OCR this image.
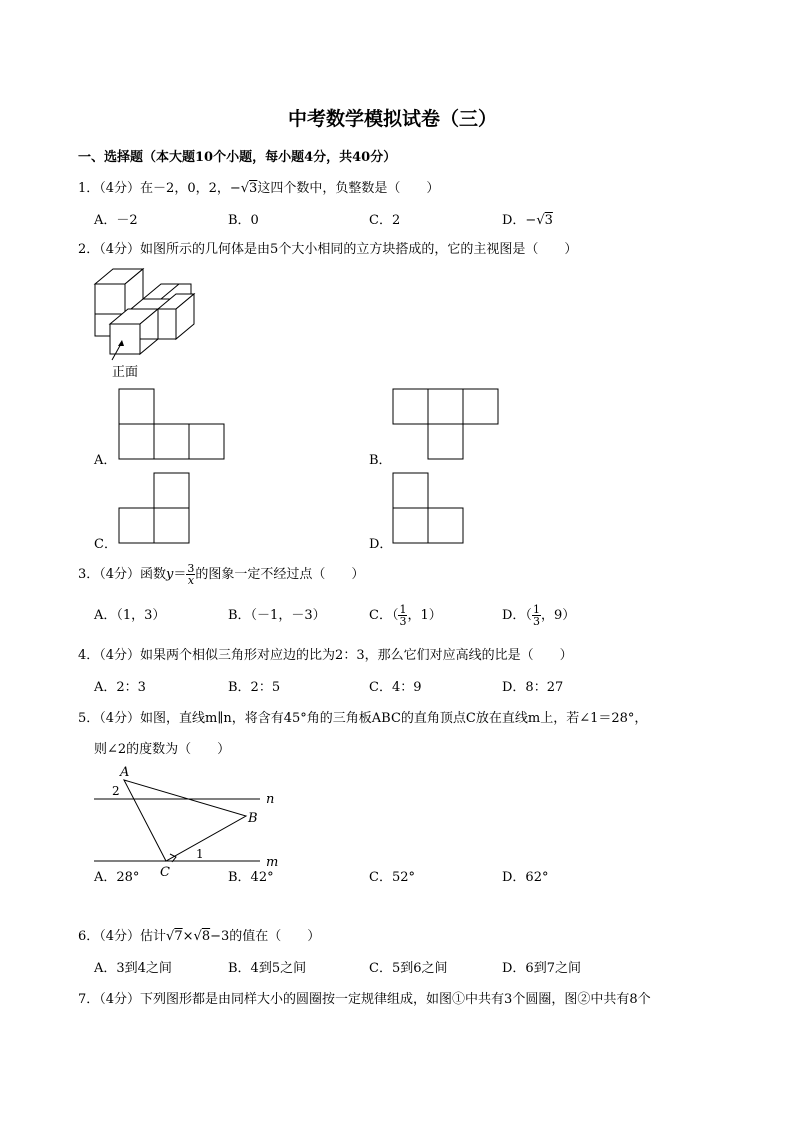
中考数学模拟试卷（三）
一、选择题（本大题10个小题，每小题4分，共40分）
1．（4分）在－2，0，2，−√3这四个数中，负整数是（　　）
A．－2	B．0	C．2	D．−√3
2．（4分）如图所示的几何体是由5个大小相同的立方块搭成的，它的主视图是（　　）
正面
A．	B．
C．	D．
3．（4分）函数$y= \frac{3}{x}$ 的图象一定不经过点（　　）
A．（1，3）	B．（－1，－3）	C．（ $\frac{1}{3}$ ，1）	D．（ $\frac{1}{3}$ ，9）
4．（4分）如果两个相似三角形对应边的比为2：3，那么它们对应高线的比是（　　）
A．2：3	B．2：5	C．4：9	D．8：27
5．（4分）如图，直线m∥n，将含有45°角的三角板ABC的直角顶点C放在直线m上，若∠1＝28°，
则∠2的度数为（　　）
A
B
C
n
m
1
2
A．28°	B．42°	C．52°	D．62°
6．（4分）估计√7×√8−3的值在（　　）
A．3到4之间	B．4到5之间	C．5到6之间	D．6到7之间
7．（4分）下列图形都是由同样大小的圆圈按一定规律组成，如图①中共有3个圆圈，图②中共有8个
